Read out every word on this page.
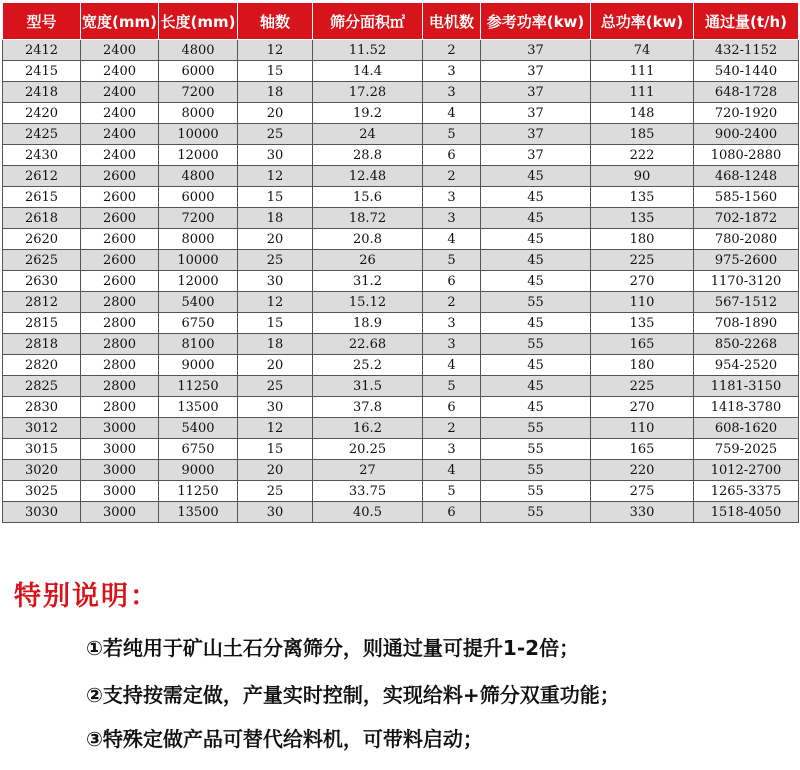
型号	宽度(mm)	长度(mm)	轴数	筛分面积㎡	电机数	参考功率(kw)	总功率(kw)	通过量(t/h)
2412	2400	4800	12	11.52	2	37	74	432-1152
2415	2400	6000	15	14.4	3	37	111	540-1440
2418	2400	7200	18	17.28	3	37	111	648-1728
2420	2400	8000	20	19.2	4	37	148	720-1920
2425	2400	10000	25	24	5	37	185	900-2400
2430	2400	12000	30	28.8	6	37	222	1080-2880
2612	2600	4800	12	12.48	2	45	90	468-1248
2615	2600	6000	15	15.6	3	45	135	585-1560
2618	2600	7200	18	18.72	3	45	135	702-1872
2620	2600	8000	20	20.8	4	45	180	780-2080
2625	2600	10000	25	26	5	45	225	975-2600
2630	2600	12000	30	31.2	6	45	270	1170-3120
2812	2800	5400	12	15.12	2	55	110	567-1512
2815	2800	6750	15	18.9	3	45	135	708-1890
2818	2800	8100	18	22.68	3	55	165	850-2268
2820	2800	9000	20	25.2	4	45	180	954-2520
2825	2800	11250	25	31.5	5	45	225	1181-3150
2830	2800	13500	30	37.8	6	45	270	1418-3780
3012	3000	5400	12	16.2	2	55	110	608-1620
3015	3000	6750	15	20.25	3	55	165	759-2025
3020	3000	9000	20	27	4	55	220	1012-2700
3025	3000	11250	25	33.75	5	55	275	1265-3375
3030	3000	13500	30	40.5	6	55	330	1518-4050
特别说明：
①若纯用于矿山土石分离筛分，则通过量可提升1-2倍；
②支持按需定做，产量实时控制，实现给料+筛分双重功能；
③特殊定做产品可替代给料机，可带料启动；
